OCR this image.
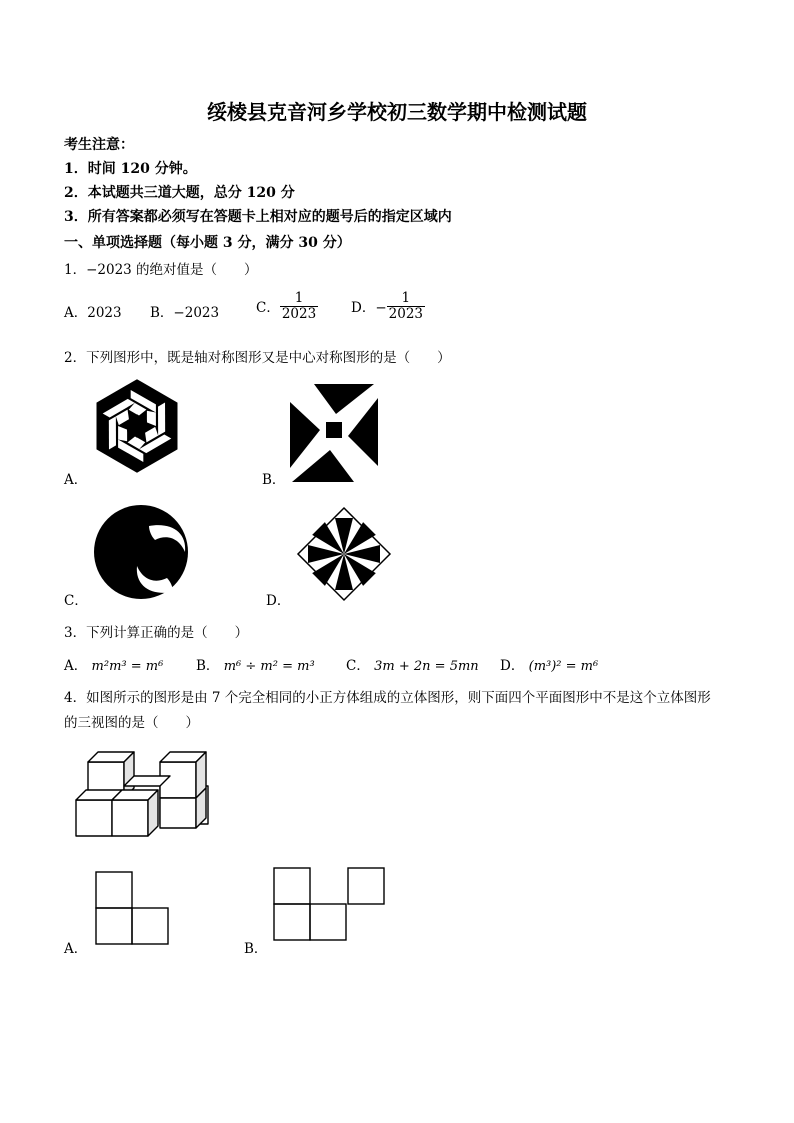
绥棱县克音河乡学校初三数学期中检测试题
考生注意：
1．时间 120 分钟。
2．本试题共三道大题，总分 120 分
3．所有答案都必须写在答题卡上相对应的题号后的指定区域内
一、单项选择题（每小题 3 分，满分 30 分）
1．−2023 的绝对值是（　　）
A．2023 B．−2023	C． $\frac{1}{2023}$ D．− $\frac{1}{2023}$
2．下列图形中，既是轴对称图形又是中心对称图形的是（　　）
A．	B．
C．	D．
3．下列计算正确的是（　　）
A． m²m³ = m⁶ B． m⁶ ÷ m² = m³ C． 3m + 2n = 5mn D． (m³)² = m⁶
4．如图所示的图形是由 7 个完全相同的小正方体组成的立体图形，则下面四个平面图形中不是这个立体图形
的三视图的是（　　）
A．	B．
